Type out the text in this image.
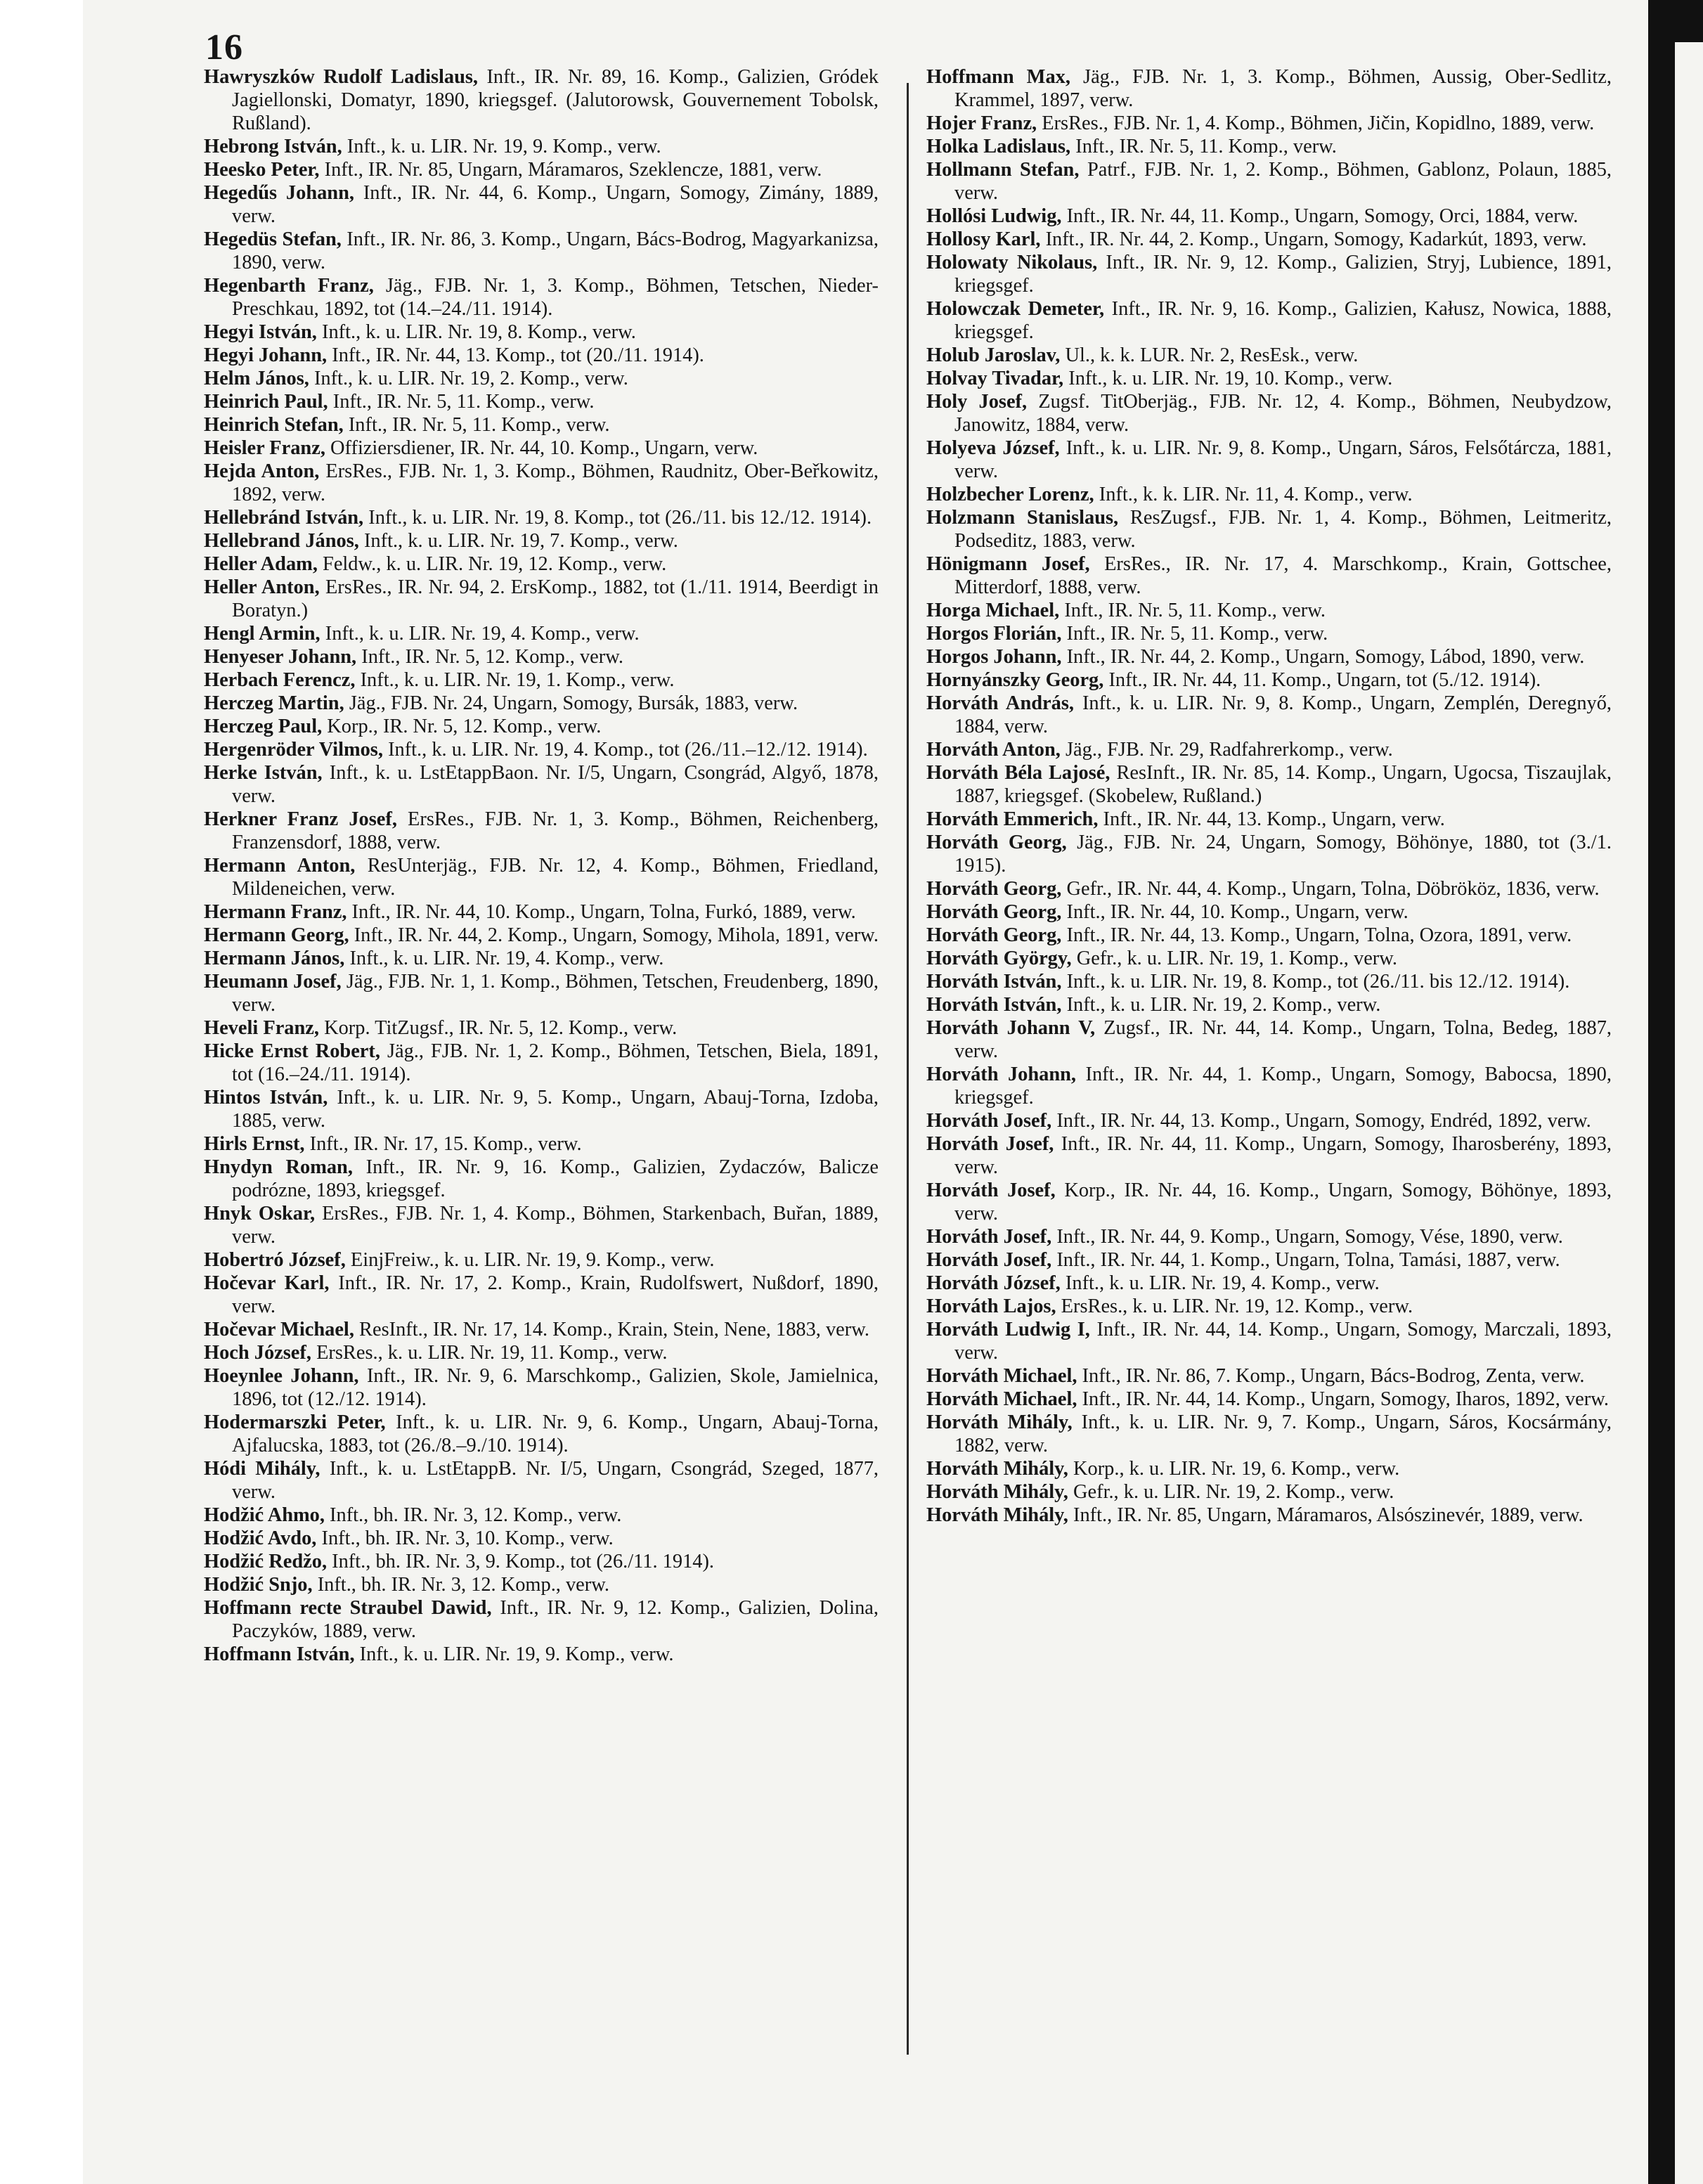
16

Hawryszków Rudolf Ladislaus, Inft., IR. Nr. 89, 16. Komp., Galizien, Gródek Jagiellonski, Domatyr, 1890, kriegsgef. (Jalutorowsk, Gouvernement Tobolsk, Rußland).

Hebrong István, Inft., k. u. LIR. Nr. 19, 9. Komp., verw.

Heesko Peter, Inft., IR. Nr. 85, Ungarn, Máramaros, Szeklencze, 1881, verw.

Hegedűs Johann, Inft., IR. Nr. 44, 6. Komp., Ungarn, Somogy, Zimány, 1889, verw.

Hegedüs Stefan, Inft., IR. Nr. 86, 3. Komp., Ungarn, Bács-Bodrog, Magyarkanizsa, 1890, verw.

Hegenbarth Franz, Jäg., FJB. Nr. 1, 3. Komp., Böhmen, Tetschen, Nieder-Preschkau, 1892, tot (14.–24./11. 1914).

Hegyi István, Inft., k. u. LIR. Nr. 19, 8. Komp., verw.

Hegyi Johann, Inft., IR. Nr. 44, 13. Komp., tot (20./11. 1914).

Helm János, Inft., k. u. LIR. Nr. 19, 2. Komp., verw.

Heinrich Paul, Inft., IR. Nr. 5, 11. Komp., verw.

Heinrich Stefan, Inft., IR. Nr. 5, 11. Komp., verw.

Heisler Franz, Offiziersdiener, IR. Nr. 44, 10. Komp., Ungarn, verw.

Hejda Anton, ErsRes., FJB. Nr. 1, 3. Komp., Böhmen, Raudnitz, Ober-Beřkowitz, 1892, verw.

Hellebránd István, Inft., k. u. LIR. Nr. 19, 8. Komp., tot (26./11. bis 12./12. 1914).

Hellebrand János, Inft., k. u. LIR. Nr. 19, 7. Komp., verw.

Heller Adam, Feldw., k. u. LIR. Nr. 19, 12. Komp., verw.

Heller Anton, ErsRes., IR. Nr. 94, 2. ErsKomp., 1882, tot (1./11. 1914, Beerdigt in Boratyn.)

Hengl Armin, Inft., k. u. LIR. Nr. 19, 4. Komp., verw.

Henyeser Johann, Inft., IR. Nr. 5, 12. Komp., verw.

Herbach Ferencz, Inft., k. u. LIR. Nr. 19, 1. Komp., verw.

Herczeg Martin, Jäg., FJB. Nr. 24, Ungarn, Somogy, Bursák, 1883, verw.

Herczeg Paul, Korp., IR. Nr. 5, 12. Komp., verw.

Hergenröder Vilmos, Inft., k. u. LIR. Nr. 19, 4. Komp., tot (26./11.–12./12. 1914).

Herke István, Inft., k. u. LstEtappBaon. Nr. I/5, Ungarn, Csongrád, Algyő, 1878, verw.

Herkner Franz Josef, ErsRes., FJB. Nr. 1, 3. Komp., Böhmen, Reichenberg, Franzensdorf, 1888, verw.

Hermann Anton, ResUnterjäg., FJB. Nr. 12, 4. Komp., Böhmen, Friedland, Mildeneichen, verw.

Hermann Franz, Inft., IR. Nr. 44, 10. Komp., Ungarn, Tolna, Furkó, 1889, verw.

Hermann Georg, Inft., IR. Nr. 44, 2. Komp., Ungarn, Somogy, Mihola, 1891, verw.

Hermann János, Inft., k. u. LIR. Nr. 19, 4. Komp., verw.

Heumann Josef, Jäg., FJB. Nr. 1, 1. Komp., Böhmen, Tetschen, Freudenberg, 1890, verw.

Heveli Franz, Korp. TitZugsf., IR. Nr. 5, 12. Komp., verw.

Hicke Ernst Robert, Jäg., FJB. Nr. 1, 2. Komp., Böhmen, Tetschen, Biela, 1891, tot (16.–24./11. 1914).

Hintos István, Inft., k. u. LIR. Nr. 9, 5. Komp., Ungarn, Abauj-Torna, Izdoba, 1885, verw.

Hirls Ernst, Inft., IR. Nr. 17, 15. Komp., verw.

Hnydyn Roman, Inft., IR. Nr. 9, 16. Komp., Galizien, Zydaczów, Balicze podrózne, 1893, kriegsgef.

Hnyk Oskar, ErsRes., FJB. Nr. 1, 4. Komp., Böhmen, Starkenbach, Buřan, 1889, verw.

Hobertró József, EinjFreiw., k. u. LIR. Nr. 19, 9. Komp., verw.

Hočevar Karl, Inft., IR. Nr. 17, 2. Komp., Krain, Rudolfswert, Nußdorf, 1890, verw.

Hočevar Michael, ResInft., IR. Nr. 17, 14. Komp., Krain, Stein, Nene, 1883, verw.

Hoch József, ErsRes., k. u. LIR. Nr. 19, 11. Komp., verw.

Hoeynlee Johann, Inft., IR. Nr. 9, 6. Marschkomp., Galizien, Skole, Jamielnica, 1896, tot (12./12. 1914).

Hodermarszki Peter, Inft., k. u. LIR. Nr. 9, 6. Komp., Ungarn, Abauj-Torna, Ajfalucska, 1883, tot (26./8.–9./10. 1914).

Hódi Mihály, Inft., k. u. LstEtappB. Nr. I/5, Ungarn, Csongrád, Szeged, 1877, verw.

Hodžić Ahmo, Inft., bh. IR. Nr. 3, 12. Komp., verw.

Hodžić Avdo, Inft., bh. IR. Nr. 3, 10. Komp., verw.

Hodžić Redžo, Inft., bh. IR. Nr. 3, 9. Komp., tot (26./11. 1914).

Hodžić Snjo, Inft., bh. IR. Nr. 3, 12. Komp., verw.

Hoffmann recte Straubel Dawid, Inft., IR. Nr. 9, 12. Komp., Galizien, Dolina, Paczyków, 1889, verw.

Hoffmann István, Inft., k. u. LIR. Nr. 19, 9. Komp., verw.

Hoffmann Max, Jäg., FJB. Nr. 1, 3. Komp., Böhmen, Aussig, Ober-Sedlitz, Krammel, 1897, verw.

Hojer Franz, ErsRes., FJB. Nr. 1, 4. Komp., Böhmen, Jičin, Kopidlno, 1889, verw.

Holka Ladislaus, Inft., IR. Nr. 5, 11. Komp., verw.

Hollmann Stefan, Patrf., FJB. Nr. 1, 2. Komp., Böhmen, Gablonz, Polaun, 1885, verw.

Hollósi Ludwig, Inft., IR. Nr. 44, 11. Komp., Ungarn, Somogy, Orci, 1884, verw.

Hollosy Karl, Inft., IR. Nr. 44, 2. Komp., Ungarn, Somogy, Kadarkút, 1893, verw.

Holowaty Nikolaus, Inft., IR. Nr. 9, 12. Komp., Galizien, Stryj, Lubience, 1891, kriegsgef.

Holowczak Demeter, Inft., IR. Nr. 9, 16. Komp., Galizien, Kałusz, Nowica, 1888, kriegsgef.

Holub Jaroslav, Ul., k. k. LUR. Nr. 2, ResEsk., verw.

Holvay Tivadar, Inft., k. u. LIR. Nr. 19, 10. Komp., verw.

Holy Josef, Zugsf. TitOberjäg., FJB. Nr. 12, 4. Komp., Böhmen, Neubydzow, Janowitz, 1884, verw.

Holyeva József, Inft., k. u. LIR. Nr. 9, 8. Komp., Ungarn, Sáros, Felsőtárcza, 1881, verw.

Holzbecher Lorenz, Inft., k. k. LIR. Nr. 11, 4. Komp., verw.

Holzmann Stanislaus, ResZugsf., FJB. Nr. 1, 4. Komp., Böhmen, Leitmeritz, Podseditz, 1883, verw.

Hönigmann Josef, ErsRes., IR. Nr. 17, 4. Marschkomp., Krain, Gottschee, Mitterdorf, 1888, verw.

Horga Michael, Inft., IR. Nr. 5, 11. Komp., verw.

Horgos Florián, Inft., IR. Nr. 5, 11. Komp., verw.

Horgos Johann, Inft., IR. Nr. 44, 2. Komp., Ungarn, Somogy, Lábod, 1890, verw.

Hornyánszky Georg, Inft., IR. Nr. 44, 11. Komp., Ungarn, tot (5./12. 1914).

Horváth András, Inft., k. u. LIR. Nr. 9, 8. Komp., Ungarn, Zemplén, Deregnyő, 1884, verw.

Horváth Anton, Jäg., FJB. Nr. 29, Radfahrerkomp., verw.

Horváth Béla Lajosé, ResInft., IR. Nr. 85, 14. Komp., Ungarn, Ugocsa, Tiszaujlak, 1887, kriegsgef. (Skobelew, Rußland.)

Horváth Emmerich, Inft., IR. Nr. 44, 13. Komp., Ungarn, verw.

Horváth Georg, Jäg., FJB. Nr. 24, Ungarn, Somogy, Böhönye, 1880, tot (3./1. 1915).

Horváth Georg, Gefr., IR. Nr. 44, 4. Komp., Ungarn, Tolna, Döbrököz, 1836, verw.

Horváth Georg, Inft., IR. Nr. 44, 10. Komp., Ungarn, verw.

Horváth Georg, Inft., IR. Nr. 44, 13. Komp., Ungarn, Tolna, Ozora, 1891, verw.

Horváth György, Gefr., k. u. LIR. Nr. 19, 1. Komp., verw.

Horváth István, Inft., k. u. LIR. Nr. 19, 8. Komp., tot (26./11. bis 12./12. 1914).

Horváth István, Inft., k. u. LIR. Nr. 19, 2. Komp., verw.

Horváth Johann V, Zugsf., IR. Nr. 44, 14. Komp., Ungarn, Tolna, Bedeg, 1887, verw.

Horváth Johann, Inft., IR. Nr. 44, 1. Komp., Ungarn, Somogy, Babocsa, 1890, kriegsgef.

Horváth Josef, Inft., IR. Nr. 44, 13. Komp., Ungarn, Somogy, Endréd, 1892, verw.

Horváth Josef, Inft., IR. Nr. 44, 11. Komp., Ungarn, Somogy, Iharosberény, 1893, verw.

Horváth Josef, Korp., IR. Nr. 44, 16. Komp., Ungarn, Somogy, Böhönye, 1893, verw.

Horváth Josef, Inft., IR. Nr. 44, 9. Komp., Ungarn, Somogy, Vése, 1890, verw.

Horváth Josef, Inft., IR. Nr. 44, 1. Komp., Ungarn, Tolna, Tamási, 1887, verw.

Horváth József, Inft., k. u. LIR. Nr. 19, 4. Komp., verw.

Horváth Lajos, ErsRes., k. u. LIR. Nr. 19, 12. Komp., verw.

Horváth Ludwig I, Inft., IR. Nr. 44, 14. Komp., Ungarn, Somogy, Marczali, 1893, verw.

Horváth Michael, Inft., IR. Nr. 86, 7. Komp., Ungarn, Bács-Bodrog, Zenta, verw.

Horváth Michael, Inft., IR. Nr. 44, 14. Komp., Ungarn, Somogy, Iharos, 1892, verw.

Horváth Mihály, Inft., k. u. LIR. Nr. 9, 7. Komp., Ungarn, Sáros, Kocsármány, 1882, verw.

Horváth Mihály, Korp., k. u. LIR. Nr. 19, 6. Komp., verw.

Horváth Mihály, Gefr., k. u. LIR. Nr. 19, 2. Komp., verw.

Horváth Mihály, Inft., IR. Nr. 85, Ungarn, Máramaros, Alsószinevér, 1889, verw.
